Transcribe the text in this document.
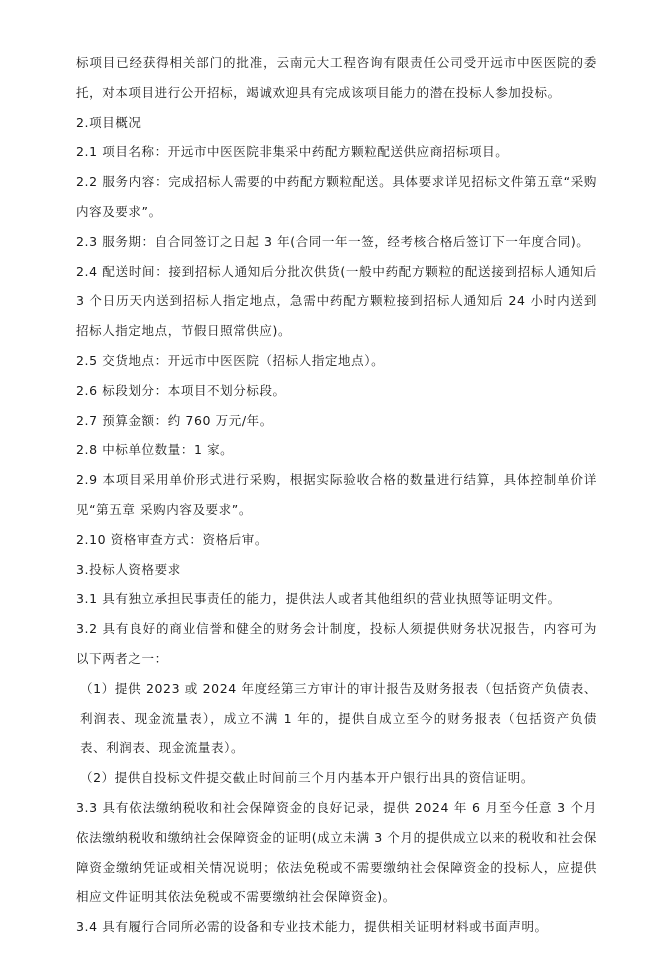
标项目已经获得相关部门的批准，云南元大工程咨询有限责任公司受开远市中医医院的委托，对本项目进行公开招标，竭诚欢迎具有完成该项目能力的潜在投标人参加投标。

2.项目概况

2.1 项目名称：开远市中医医院非集采中药配方颗粒配送供应商招标项目。

2.2 服务内容：完成招标人需要的中药配方颗粒配送。具体要求详见招标文件第五章“采购内容及要求”。

2.3 服务期：自合同签订之日起 3 年(合同一年一签，经考核合格后签订下一年度合同)。

2.4 配送时间：接到招标人通知后分批次供货(一般中药配方颗粒的配送接到招标人通知后 3 个日历天内送到招标人指定地点，急需中药配方颗粒接到招标人通知后 24 小时内送到招标人指定地点，节假日照常供应)。

2.5 交货地点：开远市中医医院（招标人指定地点）。

2.6 标段划分：本项目不划分标段。

2.7 预算金额：约 760 万元/年。

2.8 中标单位数量：1 家。

2.9 本项目采用单价形式进行采购，根据实际验收合格的数量进行结算，具体控制单价详见“第五章 采购内容及要求”。

2.10 资格审查方式：资格后审。

3.投标人资格要求

3.1 具有独立承担民事责任的能力，提供法人或者其他组织的营业执照等证明文件。

3.2 具有良好的商业信誉和健全的财务会计制度，投标人须提供财务状况报告，内容可为以下两者之一：

（1）提供 2023 或 2024 年度经第三方审计的审计报告及财务报表（包括资产负债表、利润表、现金流量表），成立不满 1 年的，提供自成立至今的财务报表（包括资产负债表、利润表、现金流量表）。

（2）提供自投标文件提交截止时间前三个月内基本开户银行出具的资信证明。

3.3 具有依法缴纳税收和社会保障资金的良好记录，提供 2024 年 6 月至今任意 3 个月依法缴纳税收和缴纳社会保障资金的证明(成立未满 3 个月的提供成立以来的税收和社会保障资金缴纳凭证或相关情况说明；依法免税或不需要缴纳社会保障资金的投标人，应提供相应文件证明其依法免税或不需要缴纳社会保障资金)。

3.4 具有履行合同所必需的设备和专业技术能力，提供相关证明材料或书面声明。
